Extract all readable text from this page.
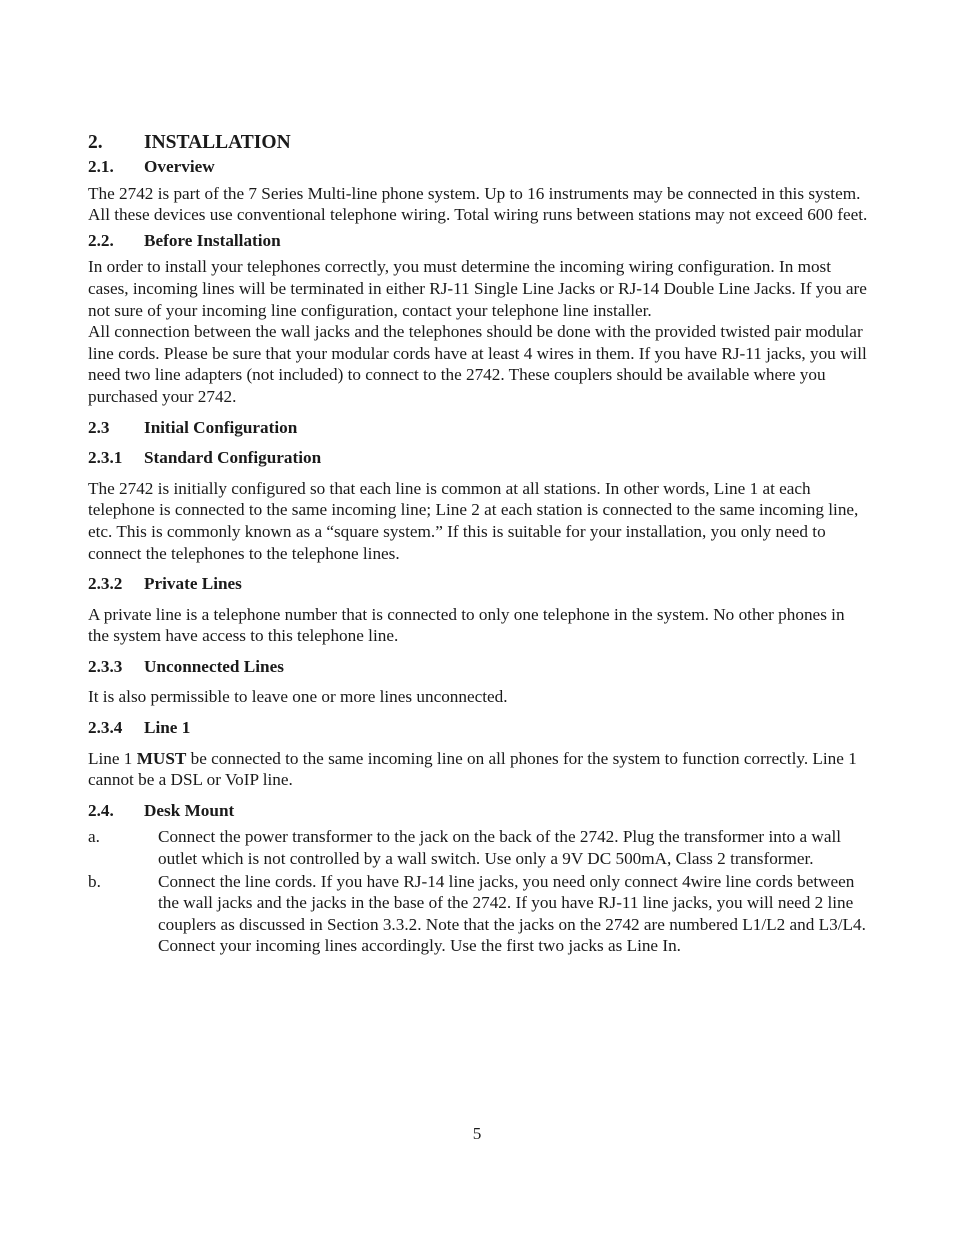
2.	INSTALLATION
2.1.	Overview

The 2742 is part of the 7 Series Multi-line phone system. Up to 16 instruments may be connected in this system. All these devices use conventional telephone wiring. Total wiring runs between stations may not exceed 600 feet.

2.2.	Before Installation

In order to install your telephones correctly, you must determine the incoming wiring configuration. In most cases, incoming lines will be terminated in either RJ-11 Single Line Jacks or RJ-14 Double Line Jacks. If you are not sure of your incoming line configuration, contact your telephone line installer.

All connection between the wall jacks and the telephones should be done with the provided twisted pair modular line cords. Please be sure that your modular cords have at least 4 wires in them. If you have RJ-11 jacks, you will need two line adapters (not included) to connect to the 2742. These couplers should be available where you purchased your 2742.

2.3	Initial Configuration
2.3.1	Standard Configuration

The 2742 is initially configured so that each line is common at all stations. In other words, Line 1 at each telephone is connected to the same incoming line; Line 2 at each station is connected to the same incoming line, etc. This is commonly known as a “square system.” If this is suitable for your installation, you only need to connect the telephones to the telephone lines.

2.3.2	Private Lines

A private line is a telephone number that is connected to only one telephone in the system. No other phones in the system have access to this telephone line.

2.3.3	Unconnected Lines

It is also permissible to leave one or more lines unconnected.

2.3.4	Line 1

Line 1 MUST be connected to the same incoming line on all phones for the system to function correctly. Line 1 cannot be a DSL or VoIP line.

2.4.	Desk Mount
a.	Connect the power transformer to the jack on the back of the 2742. Plug the transformer into a wall outlet which is not controlled by a wall switch. Use only a 9V DC 500mA, Class 2 transformer.
b.	Connect the line cords. If you have RJ-14 line jacks, you need only connect 4wire line cords between the wall jacks and the jacks in the base of the 2742. If you have RJ-11 line jacks, you will need 2 line couplers as discussed in Section 3.3.2. Note that the jacks on the 2742 are numbered L1/L2 and L3/L4. Connect your incoming lines accordingly. Use the first two jacks as Line In.
5
